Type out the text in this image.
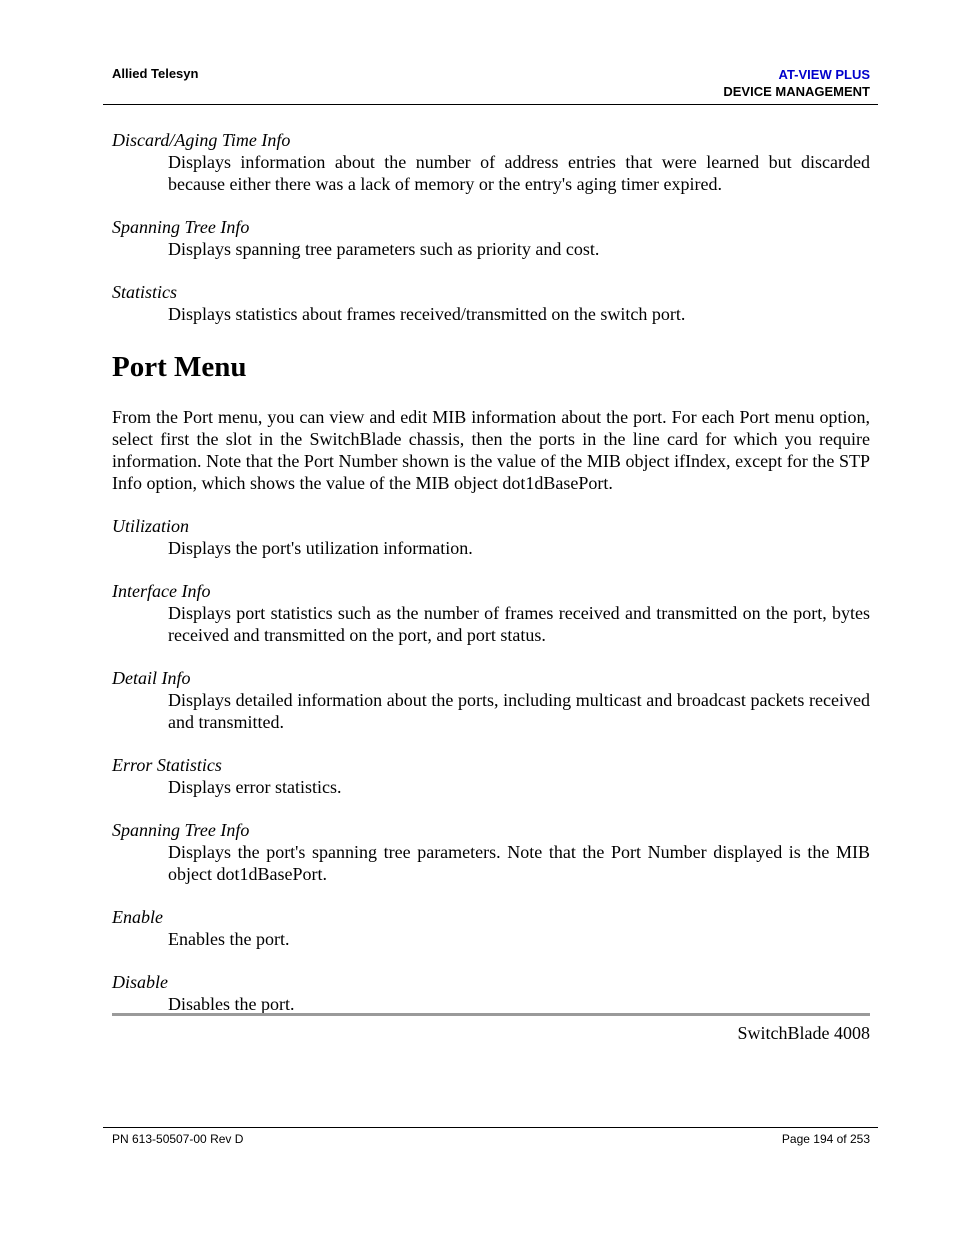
Allied Telesyn	AT-VIEW PLUS
DEVICE MANAGEMENT
Discard/Aging Time Info
Displays information about the number of address entries that were learned but discarded because either there was a lack of memory or the entry's aging timer expired.
Spanning Tree Info
Displays spanning tree parameters such as priority and cost.
Statistics
Displays statistics about frames received/transmitted on the switch port.
Port Menu

From the Port menu, you can view and edit MIB information about the port. For each Port menu option, select first the slot in the SwitchBlade chassis, then the ports in the line card for which you require information. Note that the Port Number shown is the value of the MIB object ifIndex, except for the STP Info option, which shows the value of the MIB object dot1dBasePort.

Utilization
Displays the port's utilization information.
Interface Info
Displays port statistics such as the number of frames received and transmitted on the port, bytes received and transmitted on the port, and port status.
Detail Info
Displays detailed information about the ports, including multicast and broadcast packets received and transmitted.
Error Statistics
Displays error statistics.
Spanning Tree Info
Displays the port's spanning tree parameters. Note that the Port Number displayed is the MIB object dot1dBasePort.
Enable
Enables the port.
Disable
Disables the port.
SwitchBlade 4008
PN 613-50507-00 Rev D	Page 194 of 253
